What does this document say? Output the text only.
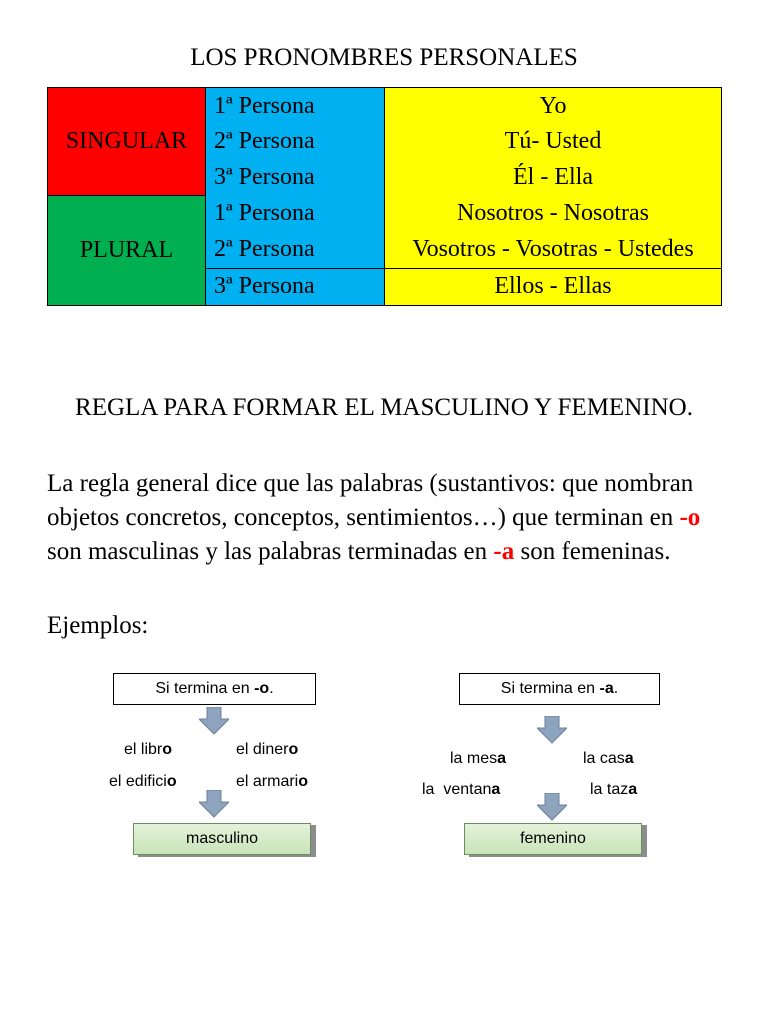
LOS PRONOMBRES PERSONALES
SINGULAR	1ª Persona	Yo
	2ª Persona	Tú- Usted
	3ª Persona	Él - Ella
PLURAL	1ª Persona	Nosotros - Nosotras
	2ª Persona	Vosotros - Vosotras - Ustedes
	3ª Persona	Ellos - Ellas
REGLA PARA FORMAR EL MASCULINO Y FEMENINO.
La regla general dice que las palabras (sustantivos: que nombran objetos concretos, conceptos, sentimientos…) que terminan en -o son masculinas y las palabras terminadas en -a son femeninas.
Ejemplos:
Si termina en -o.
el libro	el dinero
el edificio	el armario
masculino
Si termina en -a.
la mesa	la casa
la  ventana	la taza
femenino
